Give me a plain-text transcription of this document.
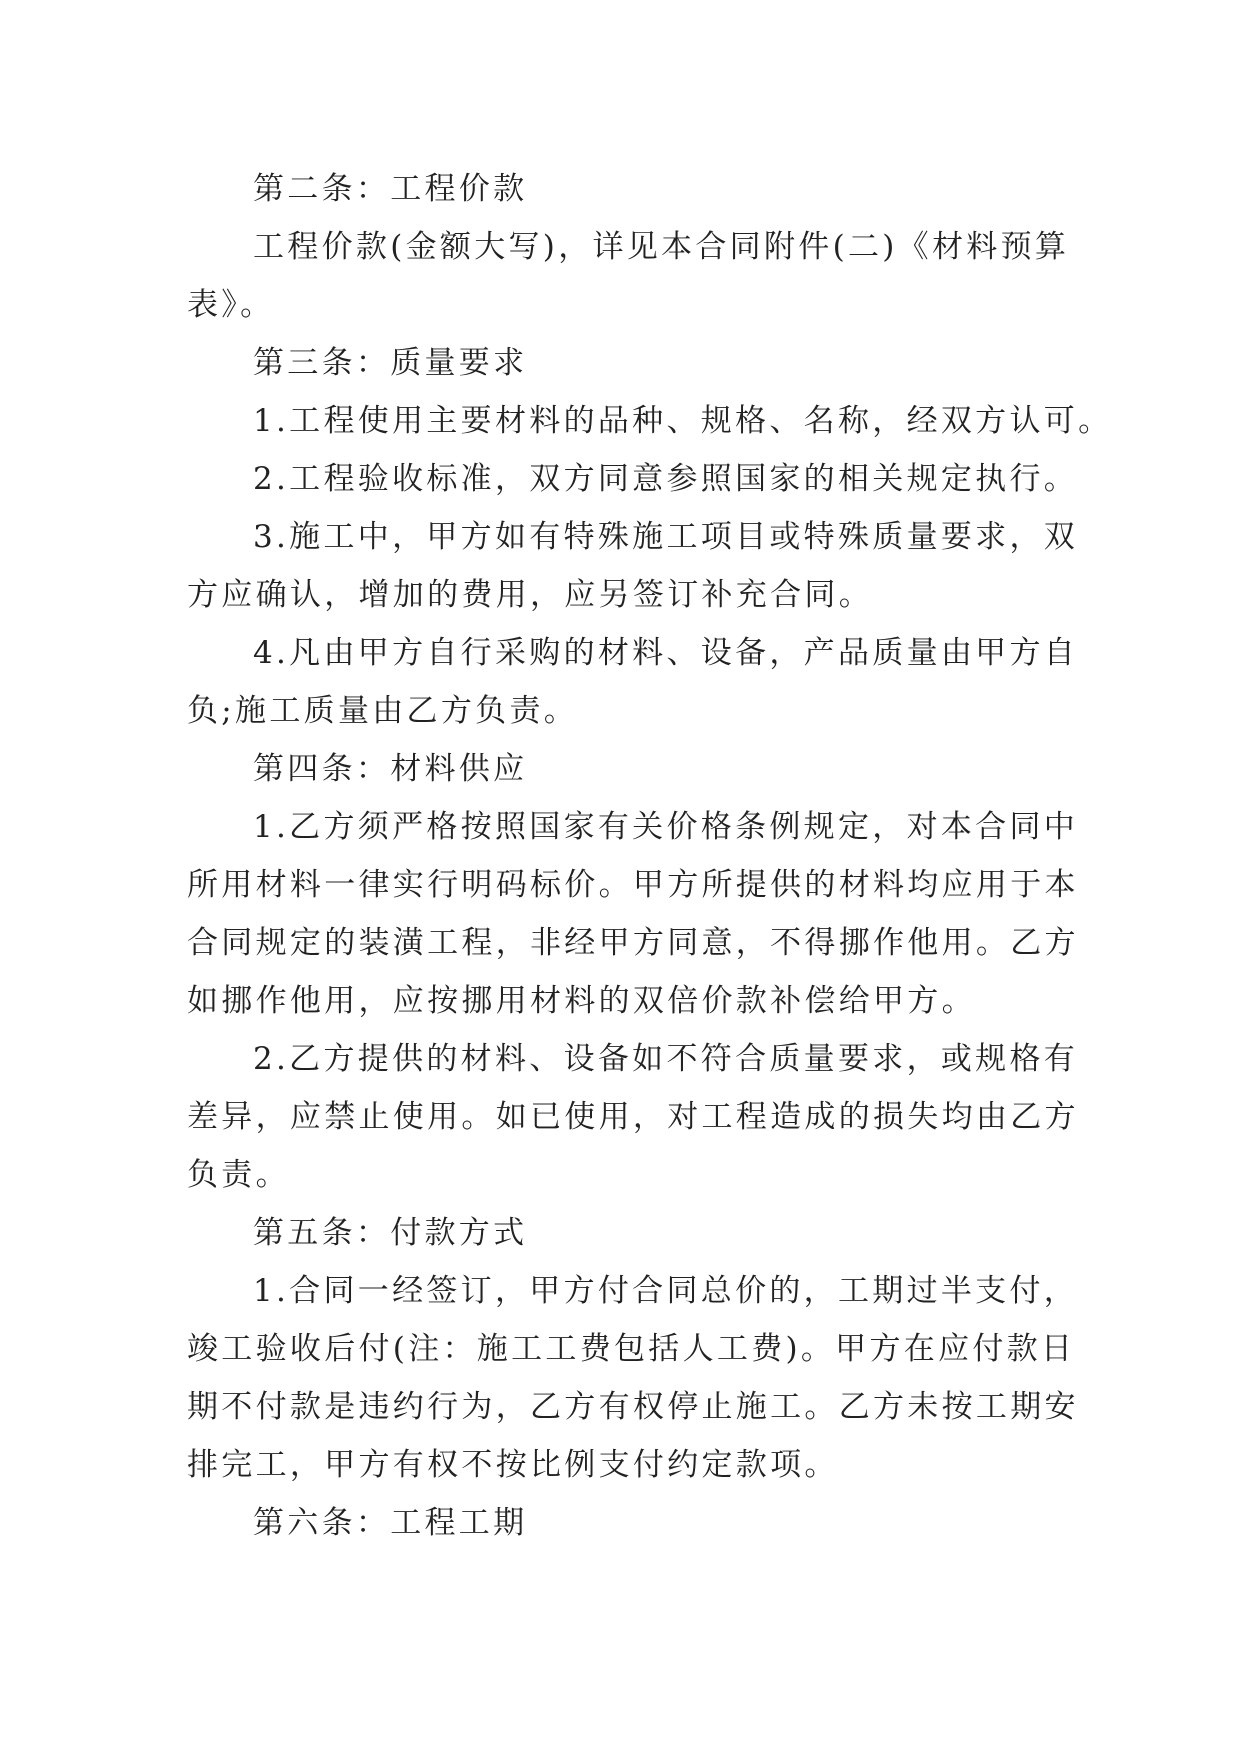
第二条：工程价款
工程价款(金额大写)，详见本合同附件(二)《材料预算
表》。
第三条：质量要求
1.工程使用主要材料的品种、规格、名称，经双方认可。
2.工程验收标准，双方同意参照国家的相关规定执行。
3.施工中，甲方如有特殊施工项目或特殊质量要求，双
方应确认，增加的费用，应另签订补充合同。
4.凡由甲方自行采购的材料、设备，产品质量由甲方自
负;施工质量由乙方负责。
第四条：材料供应
1.乙方须严格按照国家有关价格条例规定，对本合同中
所用材料一律实行明码标价。甲方所提供的材料均应用于本
合同规定的装潢工程，非经甲方同意，不得挪作他用。乙方
如挪作他用，应按挪用材料的双倍价款补偿给甲方。
2.乙方提供的材料、设备如不符合质量要求，或规格有
差异，应禁止使用。如已使用，对工程造成的损失均由乙方
负责。
第五条：付款方式
1.合同一经签订，甲方付合同总价的，工期过半支付，
竣工验收后付(注：施工工费包括人工费)。甲方在应付款日
期不付款是违约行为，乙方有权停止施工。乙方未按工期安
排完工，甲方有权不按比例支付约定款项。
第六条：工程工期
